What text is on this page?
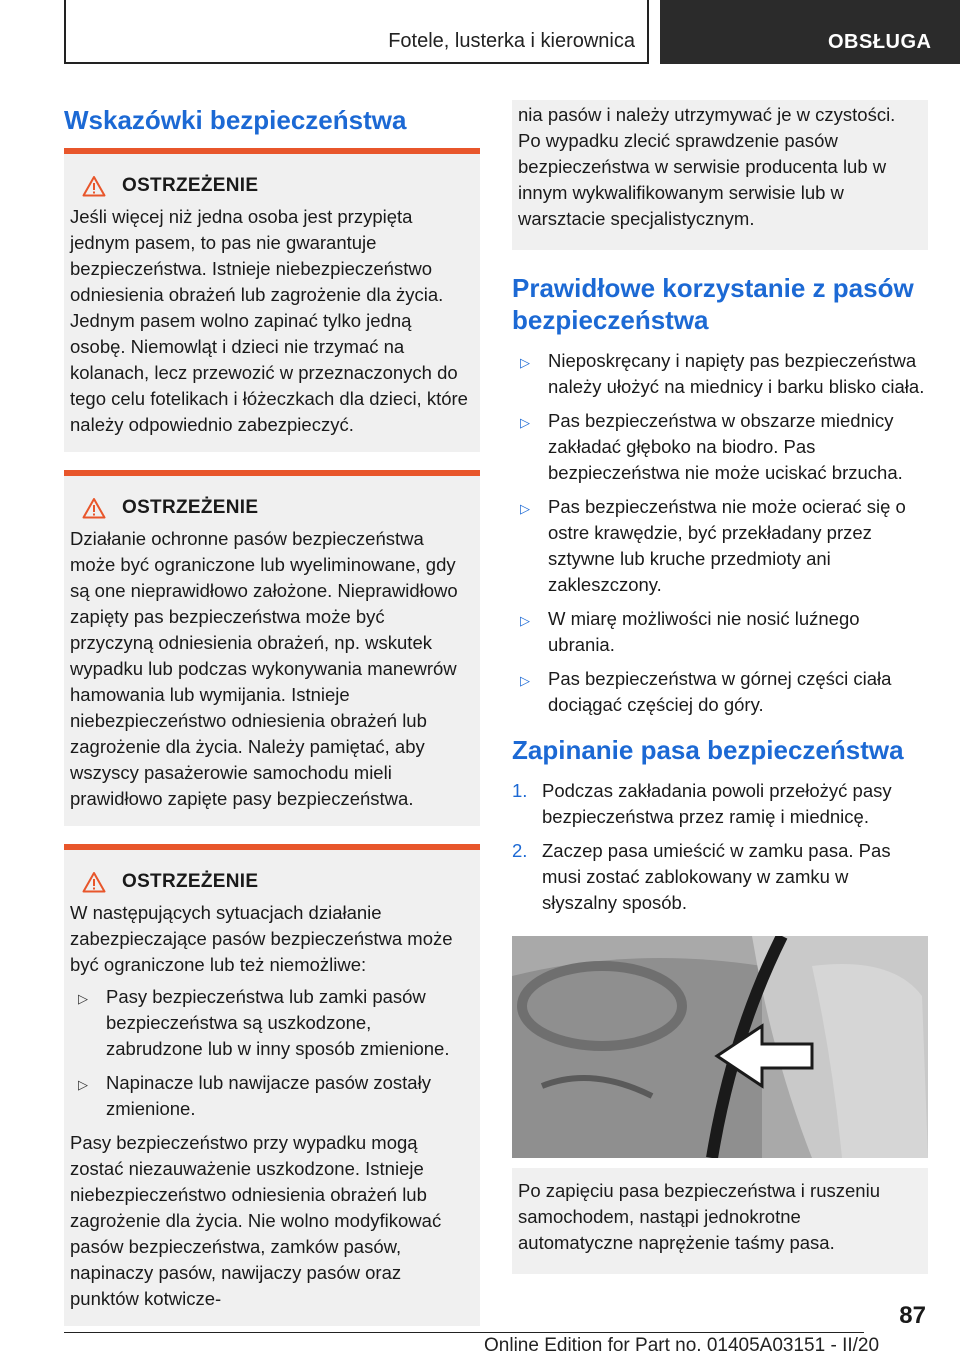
Fotele, lusterka i kierownica	OBSŁUGA
Wskazówki bezpieczeństwa
OSTRZEŻENIE

Jeśli więcej niż jedna osoba jest przypięta jednym pasem, to pas nie gwarantuje bezpieczeństwa. Istnieje niebezpieczeństwo odniesienia obrażeń lub zagrożenie dla życia. Jednym pasem wolno zapinać tylko jedną osobę. Niemowląt i dzieci nie trzymać na kolanach, lecz przewozić w przeznaczonych do tego celu fotelikach i łóżeczkach dla dzieci, które należy odpowiednio zabezpieczyć.

OSTRZEŻENIE

Działanie ochronne pasów bezpieczeństwa może być ograniczone lub wyeliminowane, gdy są one nieprawidłowo założone. Nieprawidłowo zapięty pas bezpieczeństwa może być przyczyną odniesienia obrażeń, np. wskutek wypadku lub podczas wykonywania manewrów hamowania lub wymijania. Istnieje niebezpieczeństwo odniesienia obrażeń lub zagrożenie dla życia. Należy pamiętać, aby wszyscy pasażerowie samochodu mieli prawidłowo zapięte pasy bezpieczeństwa.

OSTRZEŻENIE

W następujących sytuacjach działanie zabezpieczające pasów bezpieczeństwa może być ograniczone lub też niemożliwe:

▷ Pasy bezpieczeństwa lub zamki pasów bezpieczeństwa są uszkodzone, zabrudzone lub w inny sposób zmienione.
▷ Napinacze lub nawijacze pasów zostały zmienione.

Pasy bezpieczeństwo przy wypadku mogą zostać niezauważenie uszkodzone. Istnieje niebezpieczeństwo odniesienia obrażeń lub zagrożenie dla życia. Nie wolno modyfikować pasów bezpieczeństwa, zamków pasów, napinaczy pasów, nawijaczy pasów oraz punktów kotwicze-

nia pasów i należy utrzymywać je w czystości. Po wypadku zlecić sprawdzenie pasów bezpieczeństwa w serwisie producenta lub w innym wykwalifikowanym serwisie lub w warsztacie specjalistycznym.
Prawidłowe korzystanie z pasów bezpieczeństwa
▷ Nieposkręcany i napięty pas bezpieczeństwa należy ułożyć na miednicy i barku blisko ciała.
▷ Pas bezpieczeństwa w obszarze miednicy zakładać głęboko na biodro. Pas bezpieczeństwa nie może uciskać brzucha.
▷ Pas bezpieczeństwa nie może ocierać się o ostre krawędzie, być przekładany przez sztywne lub kruche przedmioty ani zakleszczony.
▷ W miarę możliwości nie nosić luźnego ubrania.
▷ Pas bezpieczeństwa w górnej części ciała dociągać częściej do góry.
Zapinanie pasa bezpieczeństwa
1. Podczas zakładania powoli przełożyć pasy bezpieczeństwa przez ramię i miednicę.
2. Zaczep pasa umieścić w zamku pasa. Pas musi zostać zablokowany w zamku w słyszalny sposób.
Po zapięciu pasa bezpieczeństwa i ruszeniu samochodem, nastąpi jednokrotne automatyczne naprężenie taśmy pasa.
87
Online Edition for Part no. 01405A03151 - II/20
